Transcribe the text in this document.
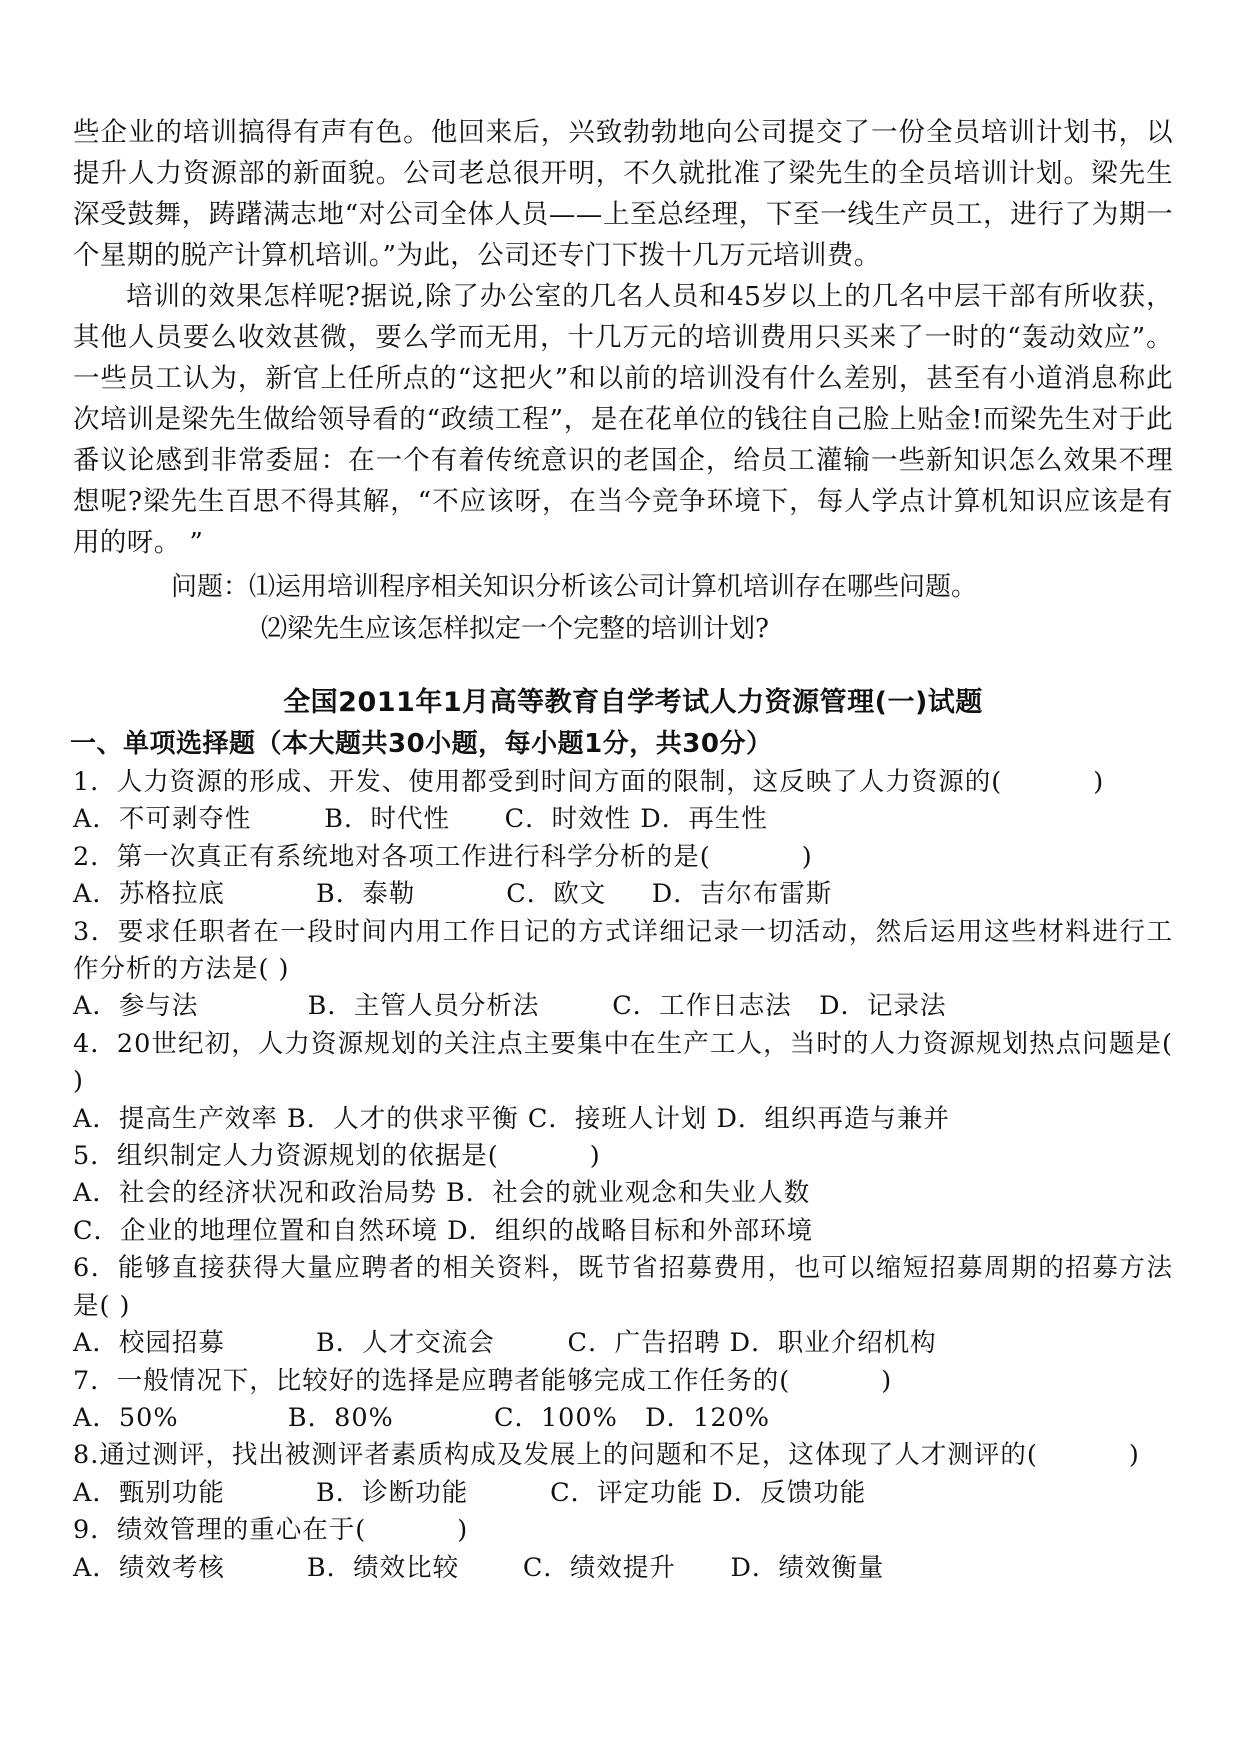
些企业的培训搞得有声有色。他回来后，兴致勃勃地向公司提交了一份全员培训计划书，以提升人力资源部的新面貌。公司老总很开明，不久就批准了梁先生的全员培训计划。梁先生深受鼓舞，踌躇满志地“对公司全体人员——上至总经理，下至一线生产员工，进行了为期一个星期的脱产计算机培训。”为此，公司还专门下拨十几万元培训费。

培训的效果怎样呢?据说,除了办公室的几名人员和45岁以上的几名中层干部有所收获，其他人员要么收效甚微，要么学而无用，十几万元的培训费用只买来了一时的“轰动效应”。一些员工认为，新官上任所点的“这把火”和以前的培训没有什么差别，甚至有小道消息称此次培训是梁先生做给领导看的“政绩工程”，是在花单位的钱往自己脸上贴金!而梁先生对于此番议论感到非常委屈：在一个有着传统意识的老国企，给员工灌输一些新知识怎么效果不理想呢?梁先生百思不得其解，“不应该呀，在当今竞争环境下，每人学点计算机知识应该是有用的呀。 ”

问题：⑴运用培训程序相关知识分析该公司计算机培训存在哪些问题。
⑵梁先生应该怎样拟定一个完整的培训计划?
全国2011年1月高等教育自学考试人力资源管理(一)试题
一、单项选择题（本大题共30小题，每小题1分，共30分）
1．人力资源的形成、开发、使用都受到时间方面的限制，这反映了人力资源的(          )
A．不可剥夺性        B．时代性      C．时效性 D．再生性
2．第一次真正有系统地对各项工作进行科学分析的是(          )
A．苏格拉底          B．泰勒          C．欧文     D．吉尔布雷斯
3．要求任职者在一段时间内用工作日记的方式详细记录一切活动，然后运用这些材料进行工作分析的方法是( )
A．参与法            B．主管人员分析法        C．工作日志法   D．记录法
4．20世纪初，人力资源规划的关注点主要集中在生产工人，当时的人力资源规划热点问题是( )
A．提高生产效率 B．人才的供求平衡 C．接班人计划 D．组织再造与兼并
5．组织制定人力资源规划的依据是(          )
A．社会的经济状况和政治局势 B．社会的就业观念和失业人数
C．企业的地理位置和自然环境 D．组织的战略目标和外部环境
6．能够直接获得大量应聘者的相关资料，既节省招募费用，也可以缩短招募周期的招募方法是( )
A．校园招募          B．人才交流会        C．广告招聘 D．职业介绍机构
7．一般情况下，比较好的选择是应聘者能够完成工作任务的(          )
A．50%            B．80%           C．100%   D．120%
8.通过测评，找出被测评者素质构成及发展上的问题和不足，这体现了人才测评的(          )
A．甄别功能          B．诊断功能         C．评定功能 D．反馈功能
9．绩效管理的重心在于(          )
A．绩效考核         B．绩效比较       C．绩效提升      D．绩效衡量
